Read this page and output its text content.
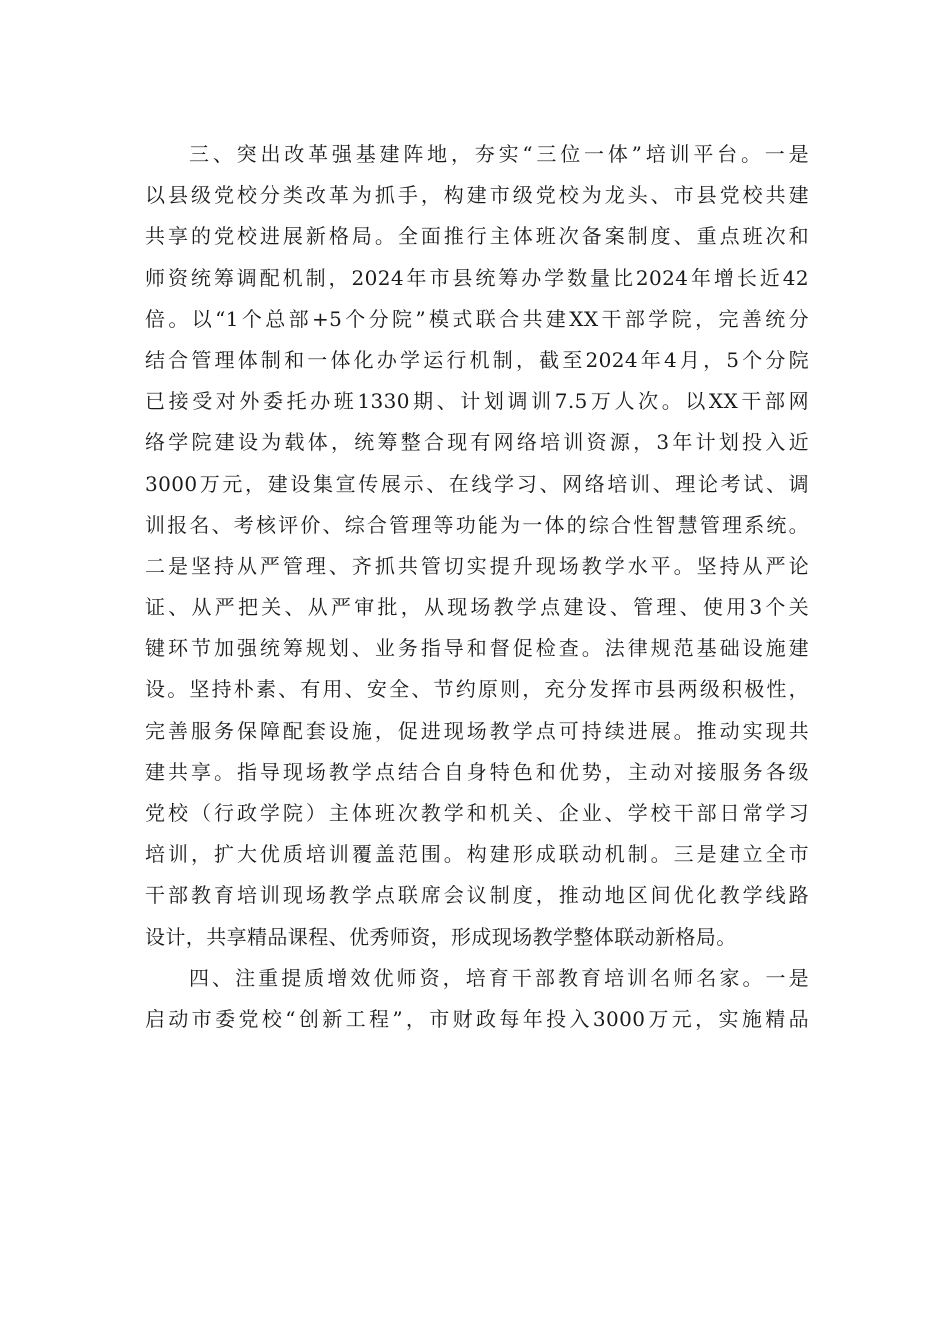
三、突出改革强基建阵地，夯实“三位一体”培训平台。一是
以县级党校分类改革为抓手，构建市级党校为龙头、市县党校共建
共享的党校进展新格局。全面推行主体班次备案制度、重点班次和
师资统筹调配机制，2024年市县统筹办学数量比2024年增长近42
倍。以“1个总部+5个分院”模式联合共建XX干部学院，完善统分
结合管理体制和一体化办学运行机制，截至2024年4月，5个分院
已接受对外委托办班1330期、计划调训7.5万人次。以XX干部网
络学院建设为载体，统筹整合现有网络培训资源，3年计划投入近
3000万元，建设集宣传展示、在线学习、网络培训、理论考试、调
训报名、考核评价、综合管理等功能为一体的综合性智慧管理系统。
二是坚持从严管理、齐抓共管切实提升现场教学水平。坚持从严论
证、从严把关、从严审批，从现场教学点建设、管理、使用3个关
键环节加强统筹规划、业务指导和督促检查。法律规范基础设施建
设。坚持朴素、有用、安全、节约原则，充分发挥市县两级积极性，
完善服务保障配套设施，促进现场教学点可持续进展。推动实现共
建共享。指导现场教学点结合自身特色和优势，主动对接服务各级
党校（行政学院）主体班次教学和机关、企业、学校干部日常学习
培训，扩大优质培训覆盖范围。构建形成联动机制。三是建立全市
干部教育培训现场教学点联席会议制度，推动地区间优化教学线路
设计，共享精品课程、优秀师资，形成现场教学整体联动新格局。
四、注重提质增效优师资，培育干部教育培训名师名家。一是
启动市委党校“创新工程”，市财政每年投入3000万元，实施精品
